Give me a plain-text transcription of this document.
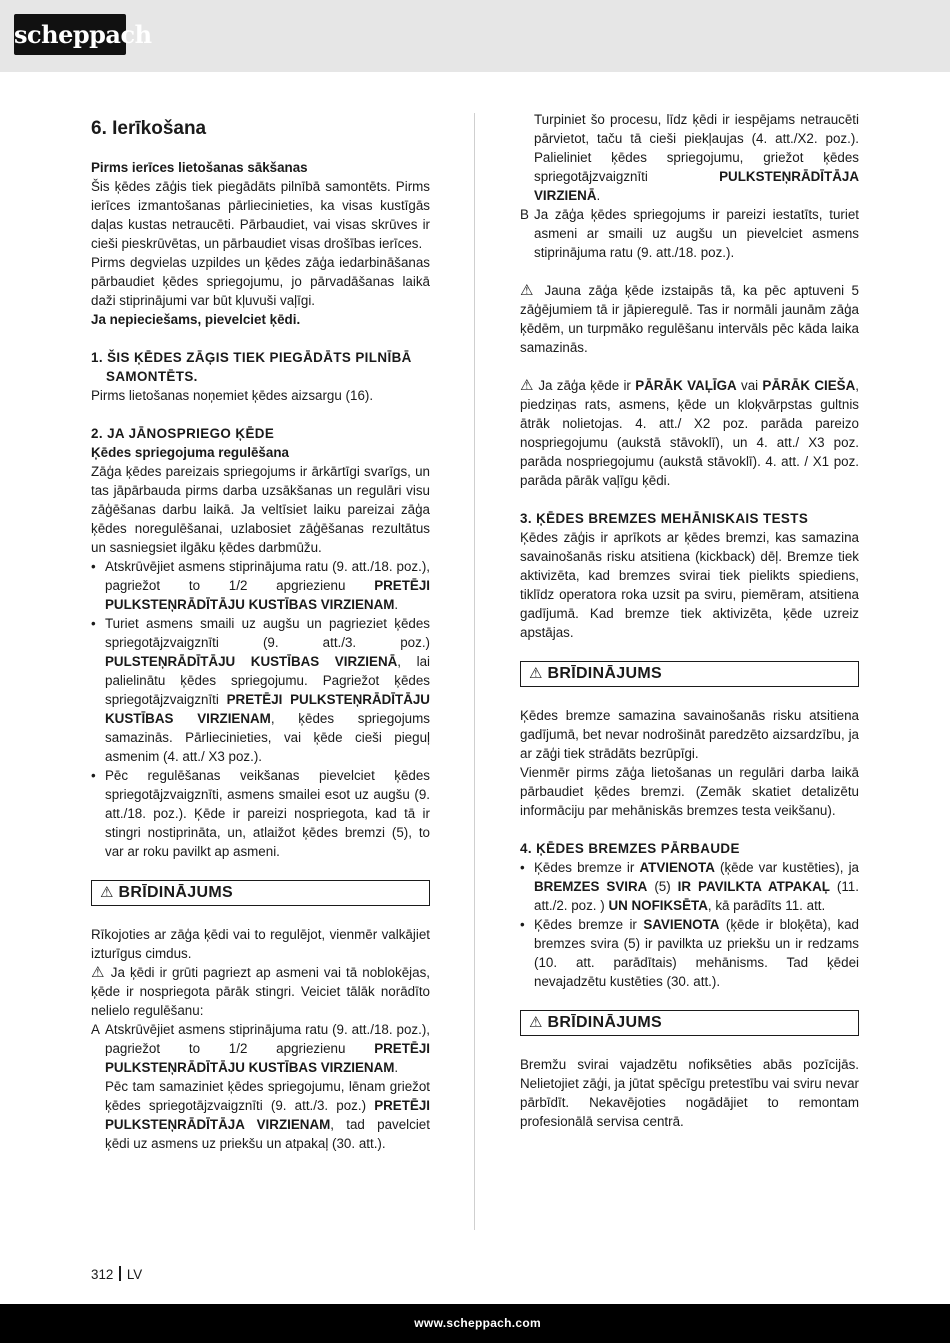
scheppach
6. Ierīkošana

Pirms ierīces lietošanas sākšanas

Šis ķēdes zāģis tiek piegādāts pilnībā samontēts. Pirms ierīces izmantošanas pārliecinieties, ka visas kustīgās daļas kustas netraucēti. Pārbaudiet, vai visas skrūves ir cieši pieskrūvētas, un pārbaudiet visas drošības ierīces.

Pirms degvielas uzpildes un ķēdes zāģa iedarbināšanas pārbaudiet ķēdes spriegojumu, jo pārvadāšanas laikā daži stiprinājumi var būt kļuvuši vaļīgi.

Ja nepieciešams, pievelciet ķēdi.

1. ŠIS ĶĒDES ZĀĢIS TIEK PIEGĀDĀTS PILNĪBĀ

SAMONTĒTS.

Pirms lietošanas noņemiet ķēdes aizsargu (16).

2. JA JĀNOSPRIEGO ĶĒDE

Ķēdes spriegojuma regulēšana

Zāģa ķēdes pareizais spriegojums ir ārkārtīgi svarīgs, un tas jāpārbauda pirms darba uzsākšanas un regulāri visu zāģēšanas darbu laikā. Ja veltīsiet laiku pareizai zāģa ķēdes noregulēšanai, uzlabosiet zāģēšanas rezultātus un sasniegsiet ilgāku ķēdes darbmūžu.

• Atskrūvējiet asmens stiprinājuma ratu (9. att./18. poz.), pagriežot to 1/2 apgriezienu PRETĒJI PULKSTEŅRĀDĪTĀJU KUSTĪBAS VIRZIENAM.
• Turiet asmens smaili uz augšu un pagrieziet ķēdes spriegotājzvaigznīti (9. att./3. poz.) PULSTEŅRĀDĪTĀJU KUSTĪBAS VIRZIENĀ, lai palielinātu ķēdes spriegojumu. Pagriežot ķēdes spriegotājzvaigznīti PRETĒJI PULKSTEŅRĀDĪTĀJU KUSTĪBAS VIRZIENAM, ķēdes spriegojums samazinās. Pārliecinieties, vai ķēde cieši pieguļ asmenim (4. att./ X3 poz.).
• Pēc regulēšanas veikšanas pievelciet ķēdes spriegotājzvaigznīti, asmens smailei esot uz augšu (9. att./18. poz.). Ķēde ir pareizi nospriegota, kad tā ir stingri nostiprināta, un, atlaižot ķēdes bremzi (5), to var ar roku pavilkt ap asmeni.
⚠ BRĪDINĀJUMS

Rīkojoties ar zāģa ķēdi vai to regulējot, vienmēr valkājiet izturīgus cimdus.

⚠ Ja ķēdi ir grūti pagriezt ap asmeni vai tā noblokējas, ķēde ir nospriegota pārāk stingri. Veiciet tālāk norādīto nelielo regulēšanu:

A Atskrūvējiet asmens stiprinājuma ratu (9. att./18. poz.), pagriežot to 1/2 apgriezienu PRETĒJI PULKSTEŅRĀDĪTĀJU KUSTĪBAS VIRZIENAM.

Pēc tam samaziniet ķēdes spriegojumu, lēnam griežot ķēdes spriegotājzvaigznīti (9. att./3. poz.) PRETĒJI PULKSTEŅRĀDĪTĀJA VIRZIENAM, tad pavelciet ķēdi uz asmens uz priekšu un atpakaļ (30. att.).

Turpiniet šo procesu, līdz ķēdi ir iespējams netraucēti pārvietot, taču tā cieši piekļaujas (4. att./X2. poz.). Palieliniet ķēdes spriegojumu, griežot ķēdes spriegotājzvaigznīti PULKSTEŅRĀDĪTĀJA VIRZIENĀ.

B Ja zāģa ķēdes spriegojums ir pareizi iestatīts, turiet asmeni ar smaili uz augšu un pievelciet asmens stiprinājuma ratu (9. att./18. poz.).

⚠ Jauna zāģa ķēde izstaipās tā, ka pēc aptuveni 5 zāģējumiem tā ir jāpieregulē. Tas ir normāli jaunām zāģa ķēdēm, un turpmāko regulēšanu intervāls pēc kāda laika samazinās.

⚠ Ja zāģa ķēde ir PĀRĀK VAĻĪGA vai PĀRĀK CIEŠA, piedziņas rats, asmens, ķēde un kloķvārpstas gultnis ātrāk nolietojas. 4. att./ X2 poz. parāda pareizo nospriegojumu (aukstā stāvoklī), un 4. att./ X3 poz. parāda nospriegojumu (aukstā stāvoklī). 4. att. / X1 poz. parāda pārāk vaļīgu ķēdi.

3. ĶĒDES BREMZES MEHĀNISKAIS TESTS

Ķēdes zāģis ir aprīkots ar ķēdes bremzi, kas samazina savainošanās risku atsitiena (kickback) dēļ. Bremze tiek aktivizēta, kad bremzes svirai tiek pielikts spiediens, tiklīdz operatora roka uzsit pa sviru, piemēram, atsitiena gadījumā. Kad bremze tiek aktivizēta, ķēde uzreiz apstājas.

⚠ BRĪDINĀJUMS

Ķēdes bremze samazina savainošanās risku atsitiena gadījumā, bet nevar nodrošināt paredzēto aizsardzību, ja ar zāģi tiek strādāts bezrūpīgi.

Vienmēr pirms zāģa lietošanas un regulāri darba laikā pārbaudiet ķēdes bremzi. (Zemāk skatiet detalizētu informāciju par mehāniskās bremzes testa veikšanu).

4. ĶĒDES BREMZES PĀRBAUDE

• Ķēdes bremze ir ATVIENOTA (ķēde var kustēties), ja BREMZES SVIRA (5) IR PAVILKTA ATPAKAĻ (11. att./2. poz. ) UN NOFIKSĒTA, kā parādīts 11. att.
• Ķēdes bremze ir SAVIENOTA (ķēde ir bloķēta), kad bremzes svira (5) ir pavilkta uz priekšu un ir redzams (10. att. parādītais) mehānisms. Tad ķēdei nevajadzētu kustēties (30. att.).
⚠ BRĪDINĀJUMS

Bremžu svirai vajadzētu nofiksēties abās pozīcijās. Nelietojiet zāģi, ja jūtat spēcīgu pretestību vai sviru nevar pārbīdīt. Nekavējoties nogādājiet to remontam profesionālā servisa centrā.

312 LV
www.scheppach.com
